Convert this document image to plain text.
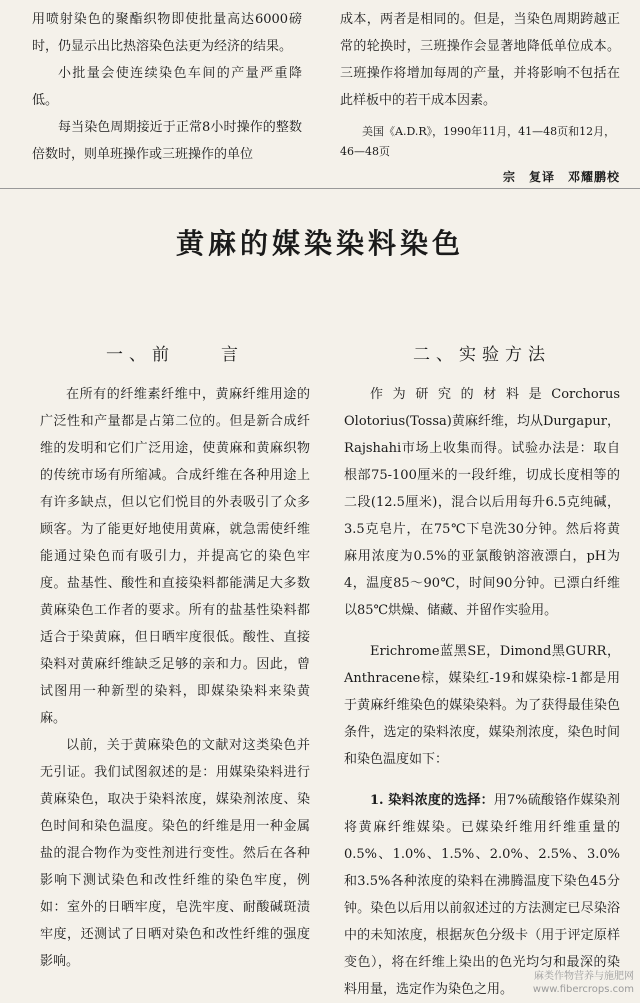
用喷射染色的聚酯织物即使批量高达6000磅时，仍显示出比热溶染色法更为经济的结果。

小批量会使连续染色车间的产量严重降低。

每当染色周期接近于正常8小时操作的整数倍数时，则单班操作或三班操作的单位

成本，两者是相同的。但是，当染色周期跨越正常的轮换时，三班操作会显著地降低单位成本。三班操作将增加每周的产量，并将影响不包括在此样板中的若干成本因素。

美国《A.D.R》，1990年11月，41—48页和12月，46—48页
宗　复译　邓耀鹏校
黄麻的媒染染料染色
一、前　　言

在所有的纤维素纤维中，黄麻纤维用途的广泛性和产量都是占第二位的。但是新合成纤维的发明和它们广泛用途，使黄麻和黄麻织物的传统市场有所缩减。合成纤维在各种用途上有许多缺点，但以它们悦目的外表吸引了众多顾客。为了能更好地使用黄麻，就急需使纤维能通过染色而有吸引力，并提高它的染色牢度。盐基性、酸性和直接染料都能满足大多数黄麻染色工作者的要求。所有的盐基性染料都适合于染黄麻，但日晒牢度很低。酸性、直接染料对黄麻纤维缺乏足够的亲和力。因此，曾试图用一种新型的染料，即媒染染料来染黄麻。

以前，关于黄麻染色的文献对这类染色并无引证。我们试图叙述的是：用媒染染料进行黄麻染色，取决于染料浓度，媒染剂浓度、染色时间和染色温度。染色的纤维是用一种金属盐的混合物作为变性剂进行变性。然后在各种影响下测试染色和改性纤维的染色牢度，例如：室外的日晒牢度，皂洗牢度、耐酸碱斑渍牢度，还测试了日晒对染色和改性纤维的强度影响。

二、实验方法

作为研究的材料是Corchorus Olotorius(Tossa)黄麻纤维，均从Durgapur，Rajshahi市场上收集而得。试验办法是：取自根部75-100厘米的一段纤维，切成长度相等的二段(12.5厘米)，混合以后用每升6.5克纯碱，3.5克皂片，在75℃下皂洗30分钟。然后将黄麻用浓度为0.5%的亚氯酸钠溶液漂白，pH为4，温度85～90℃，时间90分钟。已漂白纤维以85℃烘燥、储藏、并留作实验用。

Erichrome蓝黑SE，Dimond黑GURR，Anthracene棕，媒染红-19和媒染棕-1都是用于黄麻纤维染色的媒染染料。为了获得最佳染色条件，选定的染料浓度，媒染剂浓度，染色时间和染色温度如下：

1. 染料浓度的选择：用7%硫酸铬作媒染剂将黄麻纤维媒染。已媒染纤维用纤维重量的0.5%、1.0%、1.5%、2.0%、2.5%、3.0%和3.5%各种浓度的染料在沸腾温度下染色45分钟。染色以后用以前叙述过的方法测定已尽染浴中的未知浓度，根据灰色分级卡（用于评定原样变色），将在纤维上染出的色光均匀和最深的染料用量，选定作为染色之用。

麻类作物营养与施肥网
www.fibercrops.com
